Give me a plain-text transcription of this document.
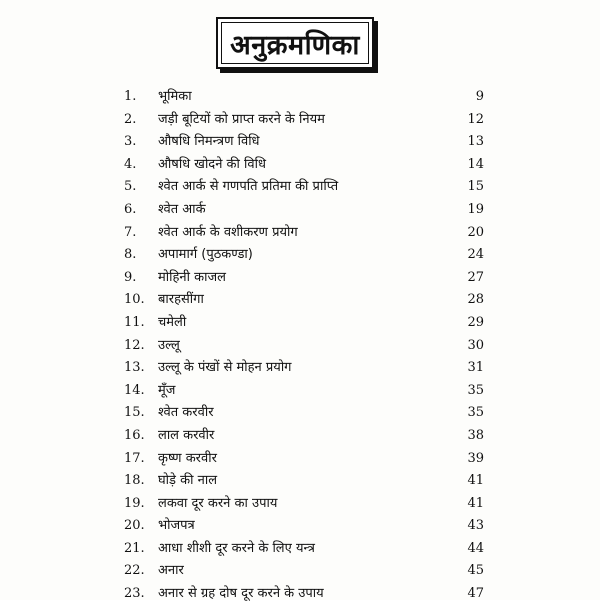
अनुक्रमणिका
1.	भूमिका	9
2.	जड़ी बूटियों को प्राप्त करने के नियम	12
3.	औषधि निमन्त्रण विधि	13
4.	औषधि खोदने की विधि	14
5.	श्वेत आर्क से गणपति प्रतिमा की प्राप्ति	15
6.	श्वेत आर्क	19
7.	श्वेत आर्क के वशीकरण प्रयोग	20
8.	अपामार्ग (पुठकण्डा)	24
9.	मोहिनी काजल	27
10.	बारहसींगा	28
11.	चमेली	29
12.	उल्लू	30
13.	उल्लू के पंखों से मोहन प्रयोग	31
14.	मूँज	35
15.	श्वेत करवीर	35
16.	लाल करवीर	38
17.	कृष्ण करवीर	39
18.	घोड़े की नाल	41
19.	लकवा दूर करने का उपाय	41
20.	भोजपत्र	43
21.	आधा शीशी दूर करने के लिए यन्त्र	44
22.	अनार	45
23.	अनार से ग्रह दोष दूर करने के उपाय	47
